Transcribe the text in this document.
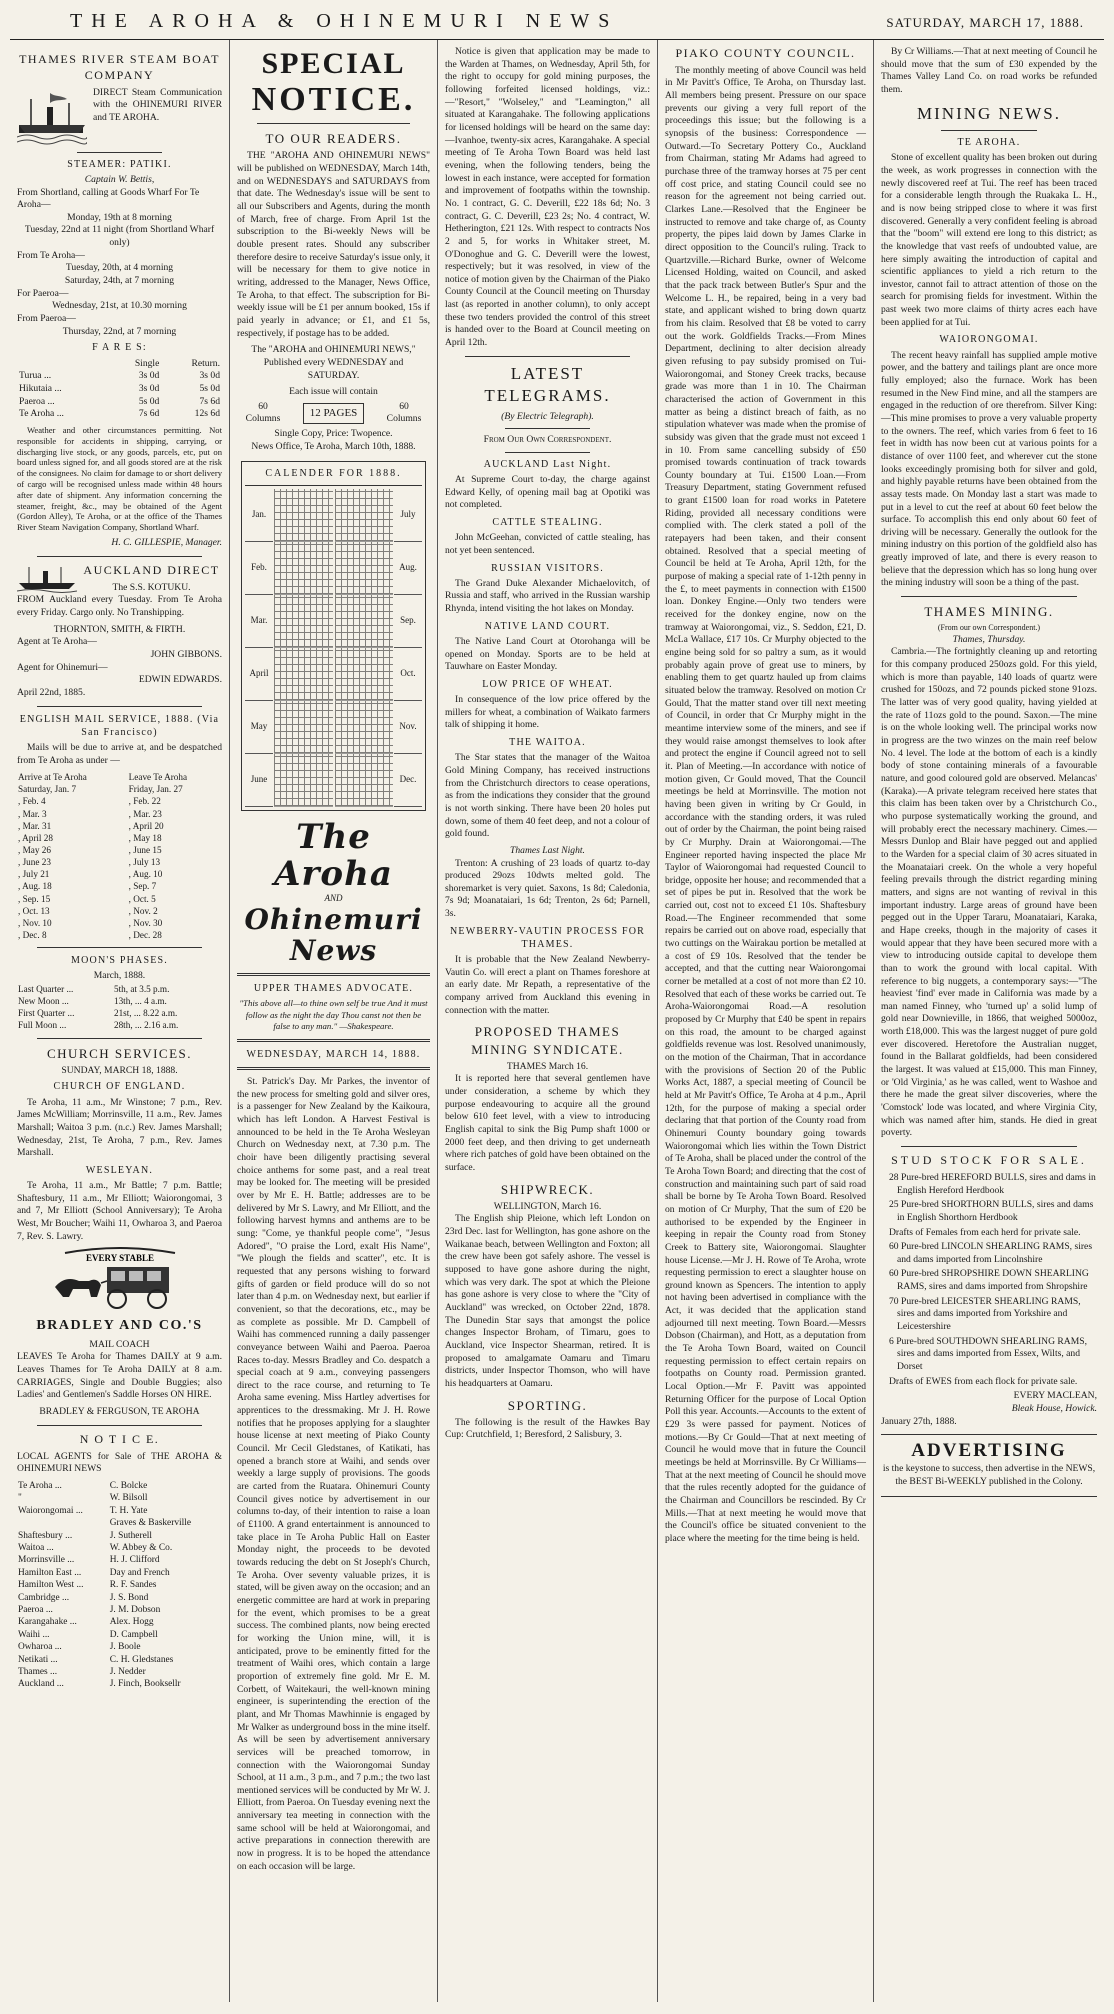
THE AROHA & OHINEMURI NEWS	SATURDAY, MARCH 17, 1888.
THAMES RIVER STEAM BOAT COMPANY

DIRECT Steam Communication with the OHINEMURI RIVER and TE AROHA.

STEAMER: PATIKI.
Captain W. Bettis,
From Shortland, calling at Goods Wharf For Te Aroha—
Monday, 19th at 8 morning
Tuesday, 22nd at 11 night (from Shortland Wharf only)
From Te Aroha—
Tuesday, 20th, at 4 morning
Saturday, 24th, at 7 morning
For Paeroa—
Wednesday, 21st, at 10.30 morning
From Paeroa—
Thursday, 22nd, at 7 morning
F A R E S:
	Single	Return.
Turua ...	3s 0d	3s 0d
Hikutaia ...	3s 0d	5s 0d
Paeroa ...	5s 0d	7s 6d
Te Aroha ...	7s 6d	12s 6d

Weather and other circumstances permitting. Not responsible for accidents in shipping, carrying, or discharging live stock, or any goods, parcels, etc, put on board unless signed for, and all goods stored are at the risk of the consignees. No claim for damage to or short delivery of cargo will be recognised unless made within 48 hours after date of shipment. Any information concerning the steamer, freight, &c., may be obtained of the Agent (Gordon Alley), Te Aroha, or at the office of the Thames River Steam Navigation Company, Shortland Wharf.

H. C. GILLESPIE, Manager.
AUCKLAND DIRECT
The S.S. KOTUKU.

FROM Auckland every Tuesday. From Te Aroha every Friday. Cargo only. No Transhipping.

THORNTON, SMITH, & FIRTH.
Agent at Te Aroha—
JOHN GIBBONS.
Agent for Ohinemuri—
EDWIN EDWARDS.
April 22nd, 1885.
ENGLISH MAIL SERVICE, 1888. (Via San Francisco)

Mails will be due to arrive at, and be despatched from Te Aroha as under —

Arrive at Te Aroha	Leave Te Aroha
Saturday, Jan. 7	Friday, Jan. 27
, Feb. 4	, Feb. 22
, Mar. 3	, Mar. 23
, Mar. 31	, April 20
, April 28	, May 18
, May 26	, June 15
, June 23	, July 13
, July 21	, Aug. 10
, Aug. 18	, Sep. 7
, Sep. 15	, Oct. 5
, Oct. 13	, Nov. 2
, Nov. 10	, Nov. 30
, Dec. 8	, Dec. 28
MOON'S PHASES.
March, 1888.
Last Quarter ...	5th, at 3.5 p.m.
New Moon ...	13th, ... 4 a.m.
First Quarter ...	21st, ... 8.22 a.m.
Full Moon ...	28th, ... 2.16 a.m.
CHURCH SERVICES.
SUNDAY, MARCH 18, 1888.
CHURCH OF ENGLAND.

Te Aroha, 11 a.m., Mr Winstone; 7 p.m., Rev. James McWilliam; Morrinsville, 11 a.m., Rev. James Marshall; Waitoa 3 p.m. (n.c.) Rev. James Marshall; Wednesday, 21st, Te Aroha, 7 p.m., Rev. James Marshall.

WESLEYAN.

Te Aroha, 11 a.m., Mr Battle; 7 p.m. Battle; Shaftesbury, 11 a.m., Mr Elliott; Waiorongomai, 3 and 7, Mr Elliott (School Anniversary); Te Aroha West, Mr Boucher; Waihi 11, Owharoa 3, and Paeroa 7, Rev. S. Lawry.

EVERY STABLE
BRADLEY AND CO.'S
MAIL COACH

LEAVES Te Aroha for Thames DAILY at 9 a.m. Leaves Thames for Te Aroha DAILY at 8 a.m. CARRIAGES, Single and Double Buggies; also Ladies' and Gentlemen's Saddle Horses ON HIRE.

BRADLEY & FERGUSON, TE AROHA
N O T I C E.

LOCAL AGENTS for Sale of THE AROHA & OHINEMURI NEWS

Te Aroha ...	C. Bolcke
"	W. Bilsoll
Waiorongomai ...	T. H. Yate
	Graves & Baskerville
Shaftesbury ...	J. Sutherell
Waitoa ...	W. Abbey & Co.
Morrinsville ...	H. J. Clifford
Hamilton East ...	Day and French
Hamilton West ...	R. F. Sandes
Cambridge ...	J. S. Bond
Paeroa ...	J. M. Dobson
Karangahake ...	Alex. Hogg
Waihi ...	D. Campbell
Owharoa ...	J. Boole
Netikati ...	C. H. Gledstanes
Thames ...	J. Nedder
Auckland ...	J. Finch, Booksellr
SPECIAL
NOTICE.
TO OUR READERS.

THE "AROHA AND OHINEMURI NEWS" will be published on WEDNESDAY, March 14th, and on WEDNESDAYS and SATURDAYS from that date. The Wednesday's issue will be sent to all our Subscribers and Agents, during the month of March, free of charge. From April 1st the subscription to the Bi-weekly News will be double present rates. Should any subscriber therefore desire to receive Saturday's issue only, it will be necessary for them to give notice in writing, addressed to the Manager, News Office, Te Aroha, to that effect. The subscription for Bi-weekly issue will be £1 per annum booked, 15s if paid yearly in advance; or £1, and £1 5s, respectively, if postage has to be added.

The "AROHA and OHINEMURI NEWS," Published every WEDNESDAY and SATURDAY.

Each issue will contain
60 Columns	12 PAGES
60 Columns
Single Copy, Price: Twopence.
News Office, Te Aroha, March 10th, 1888.
CALENDER FOR 1888.
Jan.	July
Feb.	Aug.
Mar.	Sep.
April	Oct.
May	Nov.
June	Dec.
The Aroha
AND
Ohinemuri News
UPPER THAMES ADVOCATE.

"This above all—to thine own self be true And it must follow as the night the day Thou canst not then be false to any man." —Shakespeare.

WEDNESDAY, MARCH 14, 1888.

St. Patrick's Day. Mr Parkes, the inventor of the new process for smelting gold and silver ores, is a passenger for New Zealand by the Kaikoura, which has left London. A Harvest Festival is announced to be held in the Te Aroha Wesleyan Church on Wednesday next, at 7.30 p.m. The choir have been diligently practising several choice anthems for some past, and a real treat may be looked for. The meeting will be presided over by Mr E. H. Battle; addresses are to be delivered by Mr S. Lawry, and Mr Elliott, and the following harvest hymns and anthems are to be sung: "Come, ye thankful people come", "Jesus Adored", "O praise the Lord, exalt His Name", "We plough the fields and scatter", etc. It is requested that any persons wishing to forward gifts of garden or field produce will do so not later than 4 p.m. on Wednesday next, but earlier if convenient, so that the decorations, etc., may be as complete as possible. Mr D. Campbell of Waihi has commenced running a daily passenger conveyance between Waihi and Paeroa. Paeroa Races to-day. Messrs Bradley and Co. despatch a special coach at 9 a.m., conveying passengers direct to the race course, and returning to Te Aroha same evening. Miss Hartley advertises for apprentices to the dressmaking. Mr J. H. Rowe notifies that he proposes applying for a slaughter house license at next meeting of Piako County Council. Mr Cecil Gledstanes, of Katikati, has opened a branch store at Waihi, and sends over weekly a large supply of provisions. The goods are carted from the Ruatara. Ohinemuri County Council gives notice by advertisement in our columns to-day, of their intention to raise a loan of £1100. A grand entertainment is announced to take place in Te Aroha Public Hall on Easter Monday night, the proceeds to be devoted towards reducing the debt on St Joseph's Church, Te Aroha. Over seventy valuable prizes, it is stated, will be given away on the occasion; and an energetic committee are hard at work in preparing for the event, which promises to be a great success. The combined plants, now being erected for working the Union mine, will, it is anticipated, prove to be eminently fitted for the treatment of Waihi ores, which contain a large proportion of extremely fine gold. Mr E. M. Corbett, of Waitekauri, the well-known mining engineer, is superintending the erection of the plant, and Mr Thomas Mawhinnie is engaged by Mr Walker as underground boss in the mine itself. As will be seen by advertisement anniversary services will be preached tomorrow, in connection with the Waiorongomai Sunday School, at 11 a.m., 3 p.m., and 7 p.m.; the two last mentioned services will be conducted by Mr W. J. Elliott, from Paeroa. On Tuesday evening next the anniversary tea meeting in connection with the same school will be held at Waiorongomai, and active preparations in connection therewith are now in progress. It is to be hoped the attendance on each occasion will be large.

Notice is given that application may be made to the Warden at Thames, on Wednesday, April 5th, for the right to occupy for gold mining purposes, the following forfeited licensed holdings, viz.:—"Resort," "Wolseley," and "Leamington," all situated at Karangahake. The following applications for licensed holdings will be heard on the same day:—Ivanhoe, twenty-six acres, Karangahake. A special meeting of Te Aroha Town Board was held last evening, when the following tenders, being the lowest in each instance, were accepted for formation and improvement of footpaths within the township. No. 1 contract, G. C. Deverill, £22 18s 6d; No. 3 contract, G. C. Deverill, £23 2s; No. 4 contract, W. Hetherington, £21 12s. With respect to contracts Nos 2 and 5, for works in Whitaker street, M. O'Donoghue and G. C. Deverill were the lowest, respectively; but it was resolved, in view of the notice of motion given by the Chairman of the Piako County Council at the Council meeting on Thursday last (as reported in another column), to only accept these two tenders provided the control of this street is handed over to the Board at Council meeting on April 12th.

LATEST TELEGRAMS.
(By Electric Telegraph).
From Our Own Correspondent.
AUCKLAND Last Night.

At Supreme Court to-day, the charge against Edward Kelly, of opening mail bag at Opotiki was not completed.

CATTLE STEALING.

John McGeehan, convicted of cattle stealing, has not yet been sentenced.

RUSSIAN VISITORS.

The Grand Duke Alexander Michaelovitch, of Russia and staff, who arrived in the Russian warship Rhynda, intend visiting the hot lakes on Monday.

NATIVE LAND COURT.

The Native Land Court at Otorohanga will be opened on Monday. Sports are to be held at Tauwhare on Easter Monday.

LOW PRICE OF WHEAT.

In consequence of the low price offered by the millers for wheat, a combination of Waikato farmers talk of shipping it home.

THE WAITOA.

The Star states that the manager of the Waitoa Gold Mining Company, has received instructions from the Christchurch directors to cease operations, as from the indications they consider that the ground is not worth sinking. There have been 20 holes put down, some of them 40 feet deep, and not a colour of gold found.

Thames Last Night.

Trenton: A crushing of 23 loads of quartz to-day produced 29ozs 10dwts melted gold. The shoremarket is very quiet. Saxons, 1s 8d; Caledonia, 7s 9d; Moanataiari, 1s 6d; Trenton, 2s 6d; Parnell, 3s.

NEWBERRY-VAUTIN PROCESS FOR THAMES.

It is probable that the New Zealand Newberry-Vautin Co. will erect a plant on Thames foreshore at an early date. Mr Repath, a representative of the company arrived from Auckland this evening in connection with the matter.

PROPOSED THAMES MINING SYNDICATE.
THAMES March 16.

It is reported here that several gentlemen have under consideration, a scheme by which they purpose endeavouring to acquire all the ground below 610 feet level, with a view to introducing English capital to sink the Big Pump shaft 1000 or 2000 feet deep, and then driving to get underneath where rich patches of gold have been obtained on the surface.

SHIPWRECK.
WELLINGTON, March 16.

The English ship Pleione, which left London on 23rd Dec. last for Wellington, has gone ashore on the Waikanae beach, between Wellington and Foxton; all the crew have been got safely ashore. The vessel is supposed to have gone ashore during the night, which was very dark. The spot at which the Pleione has gone ashore is very close to where the "City of Auckland" was wrecked, on October 22nd, 1878. The Dunedin Star says that amongst the police changes Inspector Broham, of Timaru, goes to Auckland, vice Inspector Shearman, retired. It is proposed to amalgamate Oamaru and Timaru districts, under Inspector Thomson, who will have his headquarters at Oamaru.

SPORTING.

The following is the result of the Hawkes Bay Cup: Crutchfield, 1; Beresford, 2 Salisbury, 3.

PIAKO COUNTY COUNCIL.

The monthly meeting of above Council was held in Mr Pavitt's Office, Te Aroha, on Thursday last. All members being present. Pressure on our space prevents our giving a very full report of the proceedings this issue; but the following is a synopsis of the business: Correspondence — Outward.—To Secretary Pottery Co., Auckland from Chairman, stating Mr Adams had agreed to purchase three of the tramway horses at 75 per cent off cost price, and stating Council could see no reason for the agreement not being carried out. Clarkes Lane.—Resolved that the Engineer be instructed to remove and take charge of, as County property, the pipes laid down by James Clarke in direct opposition to the Council's ruling. Track to Quartzville.—Richard Burke, owner of Welcome Licensed Holding, waited on Council, and asked that the pack track between Butler's Spur and the Welcome L. H., be repaired, being in a very bad state, and applicant wished to bring down quartz from his claim. Resolved that £8 be voted to carry out the work. Goldfields Tracks.—From Mines Department, declining to alter decision already given refusing to pay subsidy promised on Tui-Waiorongomai, and Stoney Creek tracks, because grade was more than 1 in 10. The Chairman characterised the action of Government in this matter as being a distinct breach of faith, as no stipulation whatever was made when the promise of subsidy was given that the grade must not exceed 1 in 10. From same cancelling subsidy of £50 promised towards continuation of track towards County boundary at Tui. £1500 Loan.—From Treasury Department, stating Government refused to grant £1500 loan for road works in Patetere Riding, provided all necessary conditions were complied with. The clerk stated a poll of the ratepayers had been taken, and their consent obtained. Resolved that a special meeting of Council be held at Te Aroha, April 12th, for the purpose of making a special rate of 1-12th penny in the £, to meet payments in connection with £1500 loan. Donkey Engine.—Only two tenders were received for the donkey engine, now on the tramway at Waiorongomai, viz., S. Seddon, £21, D. McLa Wallace, £17 10s. Cr Murphy objected to the engine being sold for so paltry a sum, as it would probably again prove of great use to miners, by enabling them to get quartz hauled up from claims situated below the tramway. Resolved on motion Cr Gould, That the matter stand over till next meeting of Council, in order that Cr Murphy might in the meantime interview some of the miners, and see if they would raise amongst themselves to look after and protect the engine if Council agreed not to sell it. Plan of Meeting.—In accordance with notice of motion given, Cr Gould moved, That the Council meetings be held at Morrinsville. The motion not having been given in writing by Cr Gould, in accordance with the standing orders, it was ruled out of order by the Chairman, the point being raised by Cr Murphy. Drain at Waiorongomai.—The Engineer reported having inspected the place Mr Taylor of Waiorongomai had requested Council to bridge, opposite her house; and recommended that a set of pipes be put in. Resolved that the work be carried out, cost not to exceed £1 10s. Shaftesbury Road.—The Engineer recommended that some repairs be carried out on above road, especially that two cuttings on the Wairakau portion be metalled at a cost of £9 10s. Resolved that the tender be accepted, and that the cutting near Waiorongomai corner be metalled at a cost of not more than £2 10. Resolved that each of these works be carried out. Te Aroha-Waiorongomai Road.—A resolution proposed by Cr Murphy that £40 be spent in repairs on this road, the amount to be charged against goldfields revenue was lost. Resolved unanimously, on the motion of the Chairman, That in accordance with the provisions of Section 20 of the Public Works Act, 1887, a special meeting of Council be held at Mr Pavitt's Office, Te Aroha at 4 p.m., April 12th, for the purpose of making a special order declaring that that portion of the County road from Ohinemuri County boundary going towards Waiorongomai which lies within the Town District of Te Aroha, shall be placed under the control of the Te Aroha Town Board; and directing that the cost of construction and maintaining such part of said road shall be borne by Te Aroha Town Board. Resolved on motion of Cr Murphy, That the sum of £20 be authorised to be expended by the Engineer in keeping in repair the County road from Stoney Creek to Battery site, Waiorongomai. Slaughter house License.—Mr J. H. Rowe of Te Aroha, wrote requesting permission to erect a slaughter house on ground known as Spencers. The intention to apply not having been advertised in compliance with the Act, it was decided that the application stand adjourned till next meeting. Town Board.—Messrs Dobson (Chairman), and Hott, as a deputation from the Te Aroha Town Board, waited on Council requesting permission to effect certain repairs on footpaths on County road. Permission granted. Local Option.—Mr F. Pavitt was appointed Returning Officer for the purpose of Local Option Poll this year. Accounts.—Accounts to the extent of £29 3s were passed for payment. Notices of motions.—By Cr Gould—That at next meeting of Council he would move that in future the Council meetings be held at Morrinsville. By Cr Williams—That at the next meeting of Council he should move that the rules recently adopted for the guidance of the Chairman and Councillors be rescinded. By Cr Mills.—That at next meeting he would move that the Council's office be situated convenient to the place where the meeting for the time being is held.

By Cr Williams.—That at next meeting of Council he should move that the sum of £30 expended by the Thames Valley Land Co. on road works be refunded them.

MINING NEWS.
TE AROHA.

Stone of excellent quality has been broken out during the week, as work progresses in connection with the newly discovered reef at Tui. The reef has been traced for a considerable length through the Ruakaka L. H., and is now being stripped close to where it was first discovered. Generally a very confident feeling is abroad that the "boom" will extend ere long to this district; as the knowledge that vast reefs of undoubted value, are here simply awaiting the introduction of capital and scientific appliances to yield a rich return to the investor, cannot fail to attract attention of those on the search for promising fields for investment. Within the past week two more claims of thirty acres each have been applied for at Tui.

WAIORONGOMAI.

The recent heavy rainfall has supplied ample motive power, and the battery and tailings plant are once more fully employed; also the furnace. Work has been resumed in the New Find mine, and all the stampers are engaged in the reduction of ore therefrom. Silver King:—This mine promises to prove a very valuable property to the owners. The reef, which varies from 6 feet to 16 feet in width has now been cut at various points for a distance of over 1100 feet, and wherever cut the stone looks exceedingly promising both for silver and gold, and highly payable returns have been obtained from the assay tests made. On Monday last a start was made to put in a level to cut the reef at about 60 feet below the surface. To accomplish this end only about 60 feet of driving will be necessary. Generally the outlook for the mining industry on this portion of the goldfield also has greatly improved of late, and there is every reason to believe that the depression which has so long hung over the mining industry will soon be a thing of the past.

THAMES MINING.
(From our own Correspondent.)
Thames, Thursday.

Cambria.—The fortnightly cleaning up and retorting for this company produced 250ozs gold. For this yield, which is more than payable, 140 loads of quartz were crushed for 150ozs, and 72 pounds picked stone 91ozs. The latter was of very good quality, having yielded at the rate of 11ozs gold to the pound. Saxon.—The mine is on the whole looking well. The principal works now in progress are the two winzes on the main reef below No. 4 level. The lode at the bottom of each is a kindly body of stone containing minerals of a favourable nature, and good coloured gold are observed. Melancas' (Karaka).—A private telegram received here states that this claim has been taken over by a Christchurch Co., who purpose systematically working the ground, and will probably erect the necessary machinery. Cimes.—Messrs Dunlop and Blair have pegged out and applied to the Warden for a special claim of 30 acres situated in the Moanataiari creek. On the whole a very hopeful feeling prevails through the district regarding mining matters, and signs are not wanting of revival in this important industry. Large areas of ground have been pegged out in the Upper Tararu, Moanataiari, Karaka, and Hape creeks, though in the majority of cases it would appear that they have been secured more with a view to introducing outside capital to develope them than to work the ground with local capital. With reference to big nuggets, a contemporary says:—"The heaviest 'find' ever made in California was made by a man named Finney, who 'turned up' a solid lump of gold near Downieville, in 1866, that weighed 5000oz, worth £18,000. This was the largest nugget of pure gold ever discovered. Heretofore the Australian nugget, found in the Ballarat goldfields, had been considered the largest. It was valued at £15,000. This man Finney, or 'Old Virginia,' as he was called, went to Washoe and there he made the great silver discoveries, where the 'Comstock' lode was located, and where Virginia City, which was named after him, stands. He died in great poverty.

STUD STOCK FOR SALE.
28 Pure-bred HEREFORD BULLS, sires and dams in English Hereford Herdbook
25 Pure-bred SHORTHORN BULLS, sires and dams in English Shorthorn Herdbook
Drafts of Females from each herd for private sale.
60 Pure-bred LINCOLN SHEARLING RAMS, sires and dams imported from Lincolnshire
60 Pure-bred SHROPSHIRE DOWN SHEARLING RAMS, sires and dams imported from Shropshire
70 Pure-bred LEICESTER SHEARLING RAMS, sires and dams imported from Yorkshire and Leicestershire
6 Pure-bred SOUTHDOWN SHEARLING RAMS, sires and dams imported from Essex, Wilts, and Dorset
Drafts of EWES from each flock for private sale.
EVERY MACLEAN,
Bleak House, Howick.
January 27th, 1888.
ADVERTISING

is the keystone to success, then advertise in the NEWS, the BEST Bi-WEEKLY published in the Colony.
